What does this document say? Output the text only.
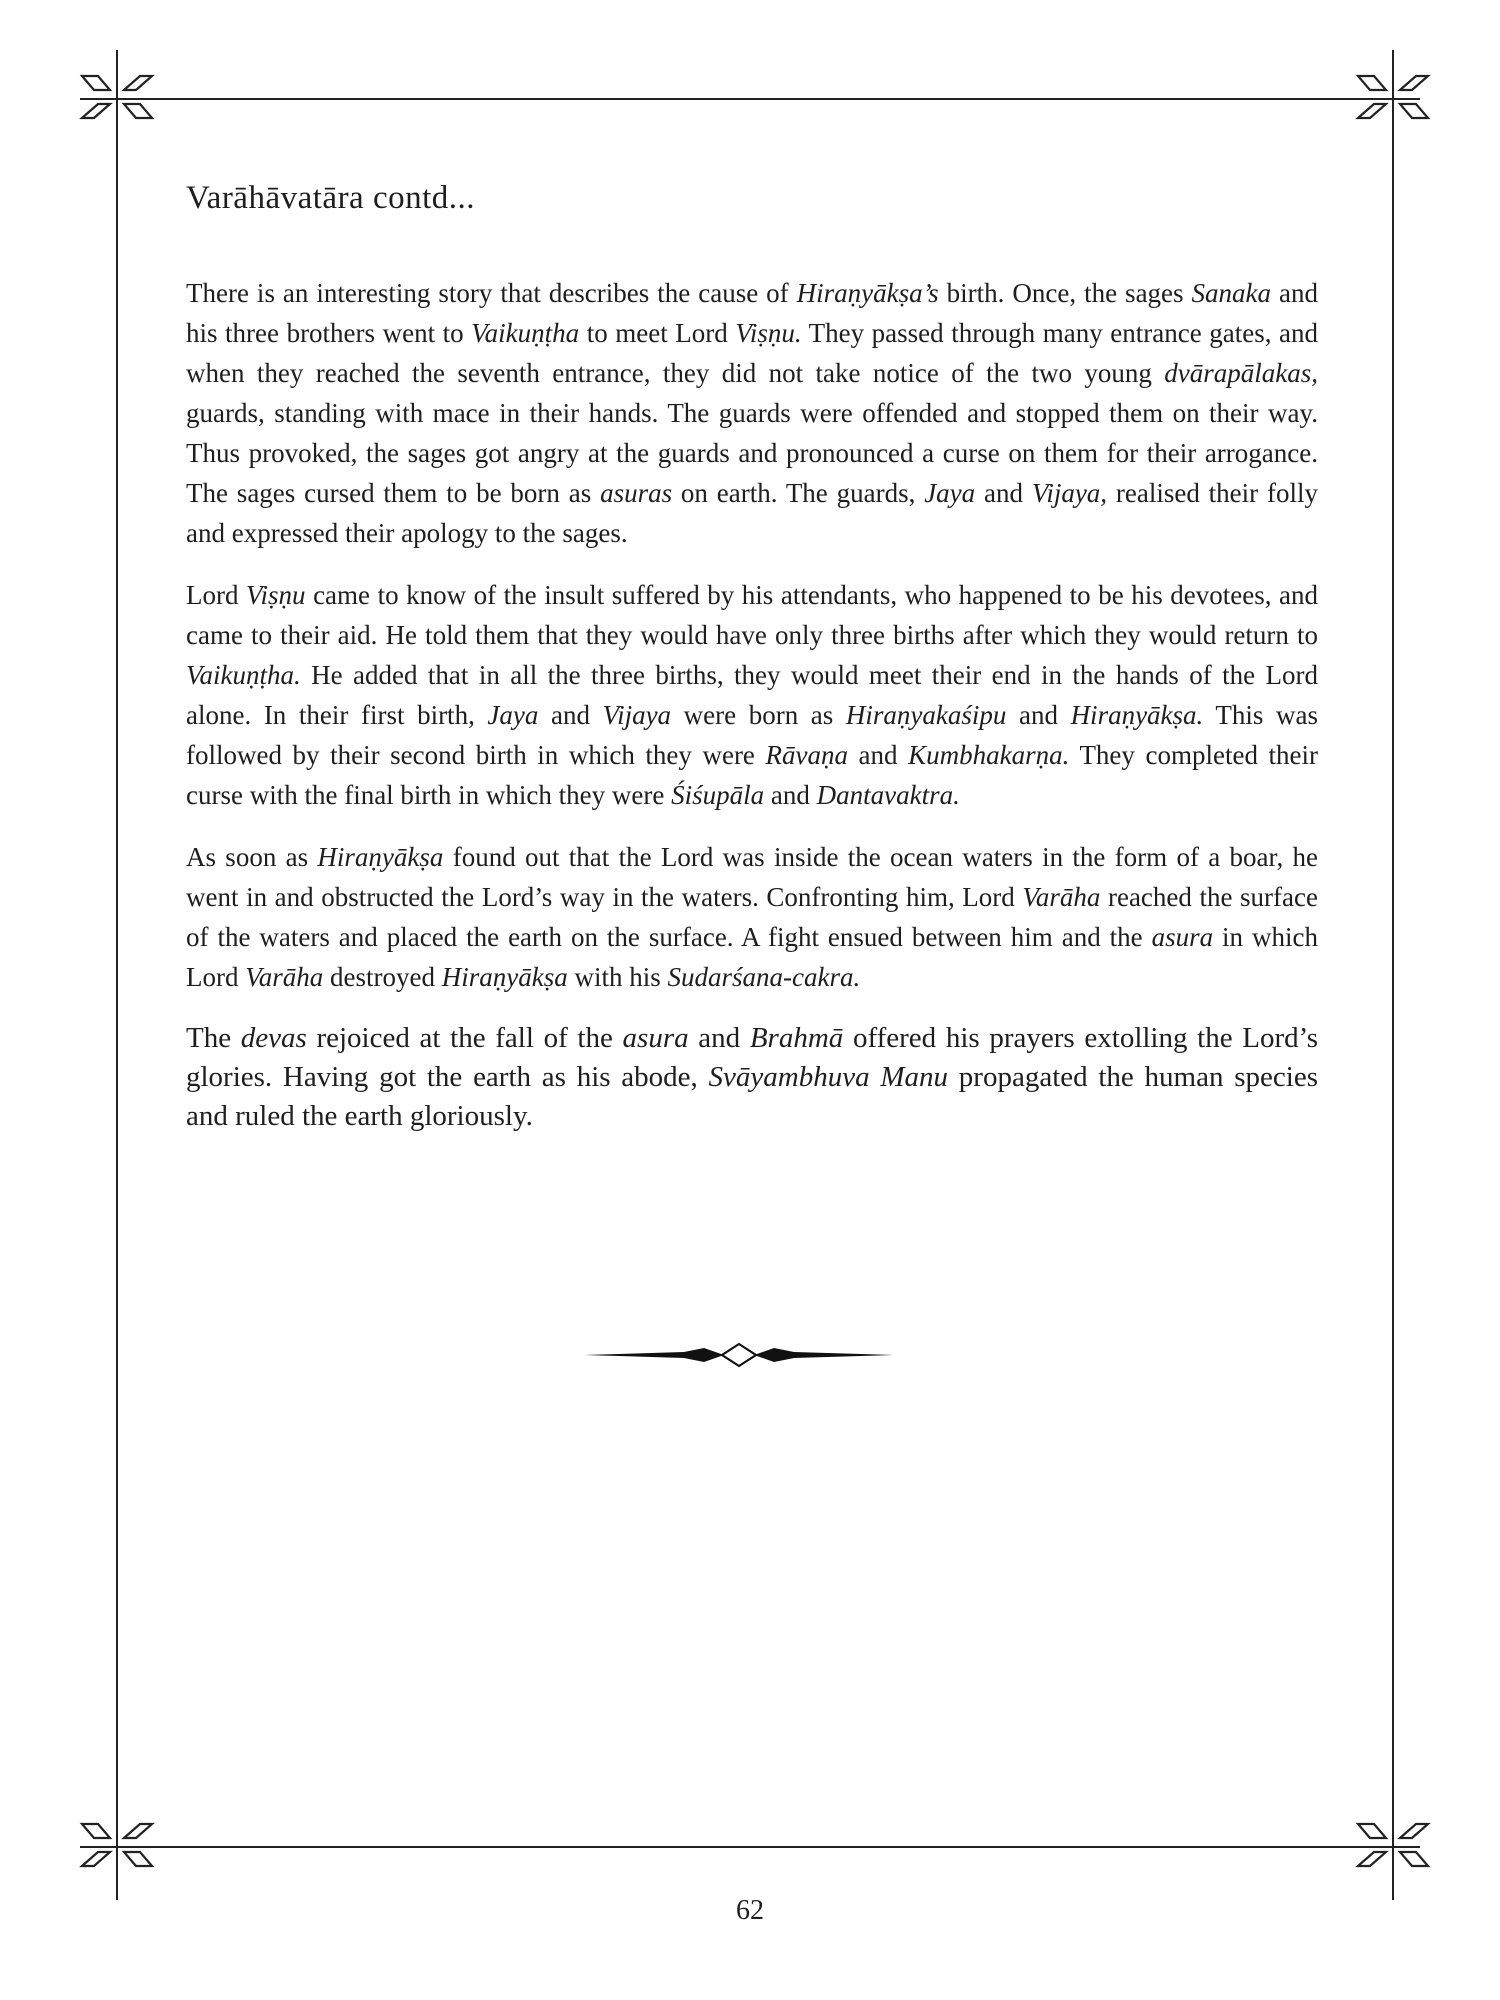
Varāhāvatāra contd...

There is an interesting story that describes the cause of Hiraṇyākṣa’s birth. Once, the sages Sanaka and his three brothers went to Vaikuṇṭha to meet Lord Viṣṇu. They passed through many entrance gates, and when they reached the seventh entrance, they did not take notice of the two young dvārapālakas, guards, standing with mace in their hands. The guards were offended and stopped them on their way. Thus provoked, the sages got angry at the guards and pronounced a curse on them for their arrogance. The sages cursed them to be born as asuras on earth. The guards, Jaya and Vijaya, realised their folly and expressed their apology to the sages.

Lord Viṣṇu came to know of the insult suffered by his attendants, who happened to be his devotees, and came to their aid. He told them that they would have only three births after which they would return to Vaikuṇṭha. He added that in all the three births, they would meet their end in the hands of the Lord alone. In their first birth, Jaya and Vijaya were born as Hiraṇyakaśipu and Hiraṇyākṣa. This was followed by their second birth in which they were Rāvaṇa and Kumbhakarṇa. They completed their curse with the final birth in which they were Śiśupāla and Dantavaktra.

As soon as Hiraṇyākṣa found out that the Lord was inside the ocean waters in the form of a boar, he went in and obstructed the Lord’s way in the waters. Confronting him, Lord Varāha reached the surface of the waters and placed the earth on the surface. A fight ensued between him and the asura in which Lord Varāha destroyed Hiraṇyākṣa with his Sudarśana-cakra.

The devas rejoiced at the fall of the asura and Brahmā offered his prayers extolling the Lord’s glories. Having got the earth as his abode, Svāyambhuva Manu propagated the human species and ruled the earth gloriously.

62
